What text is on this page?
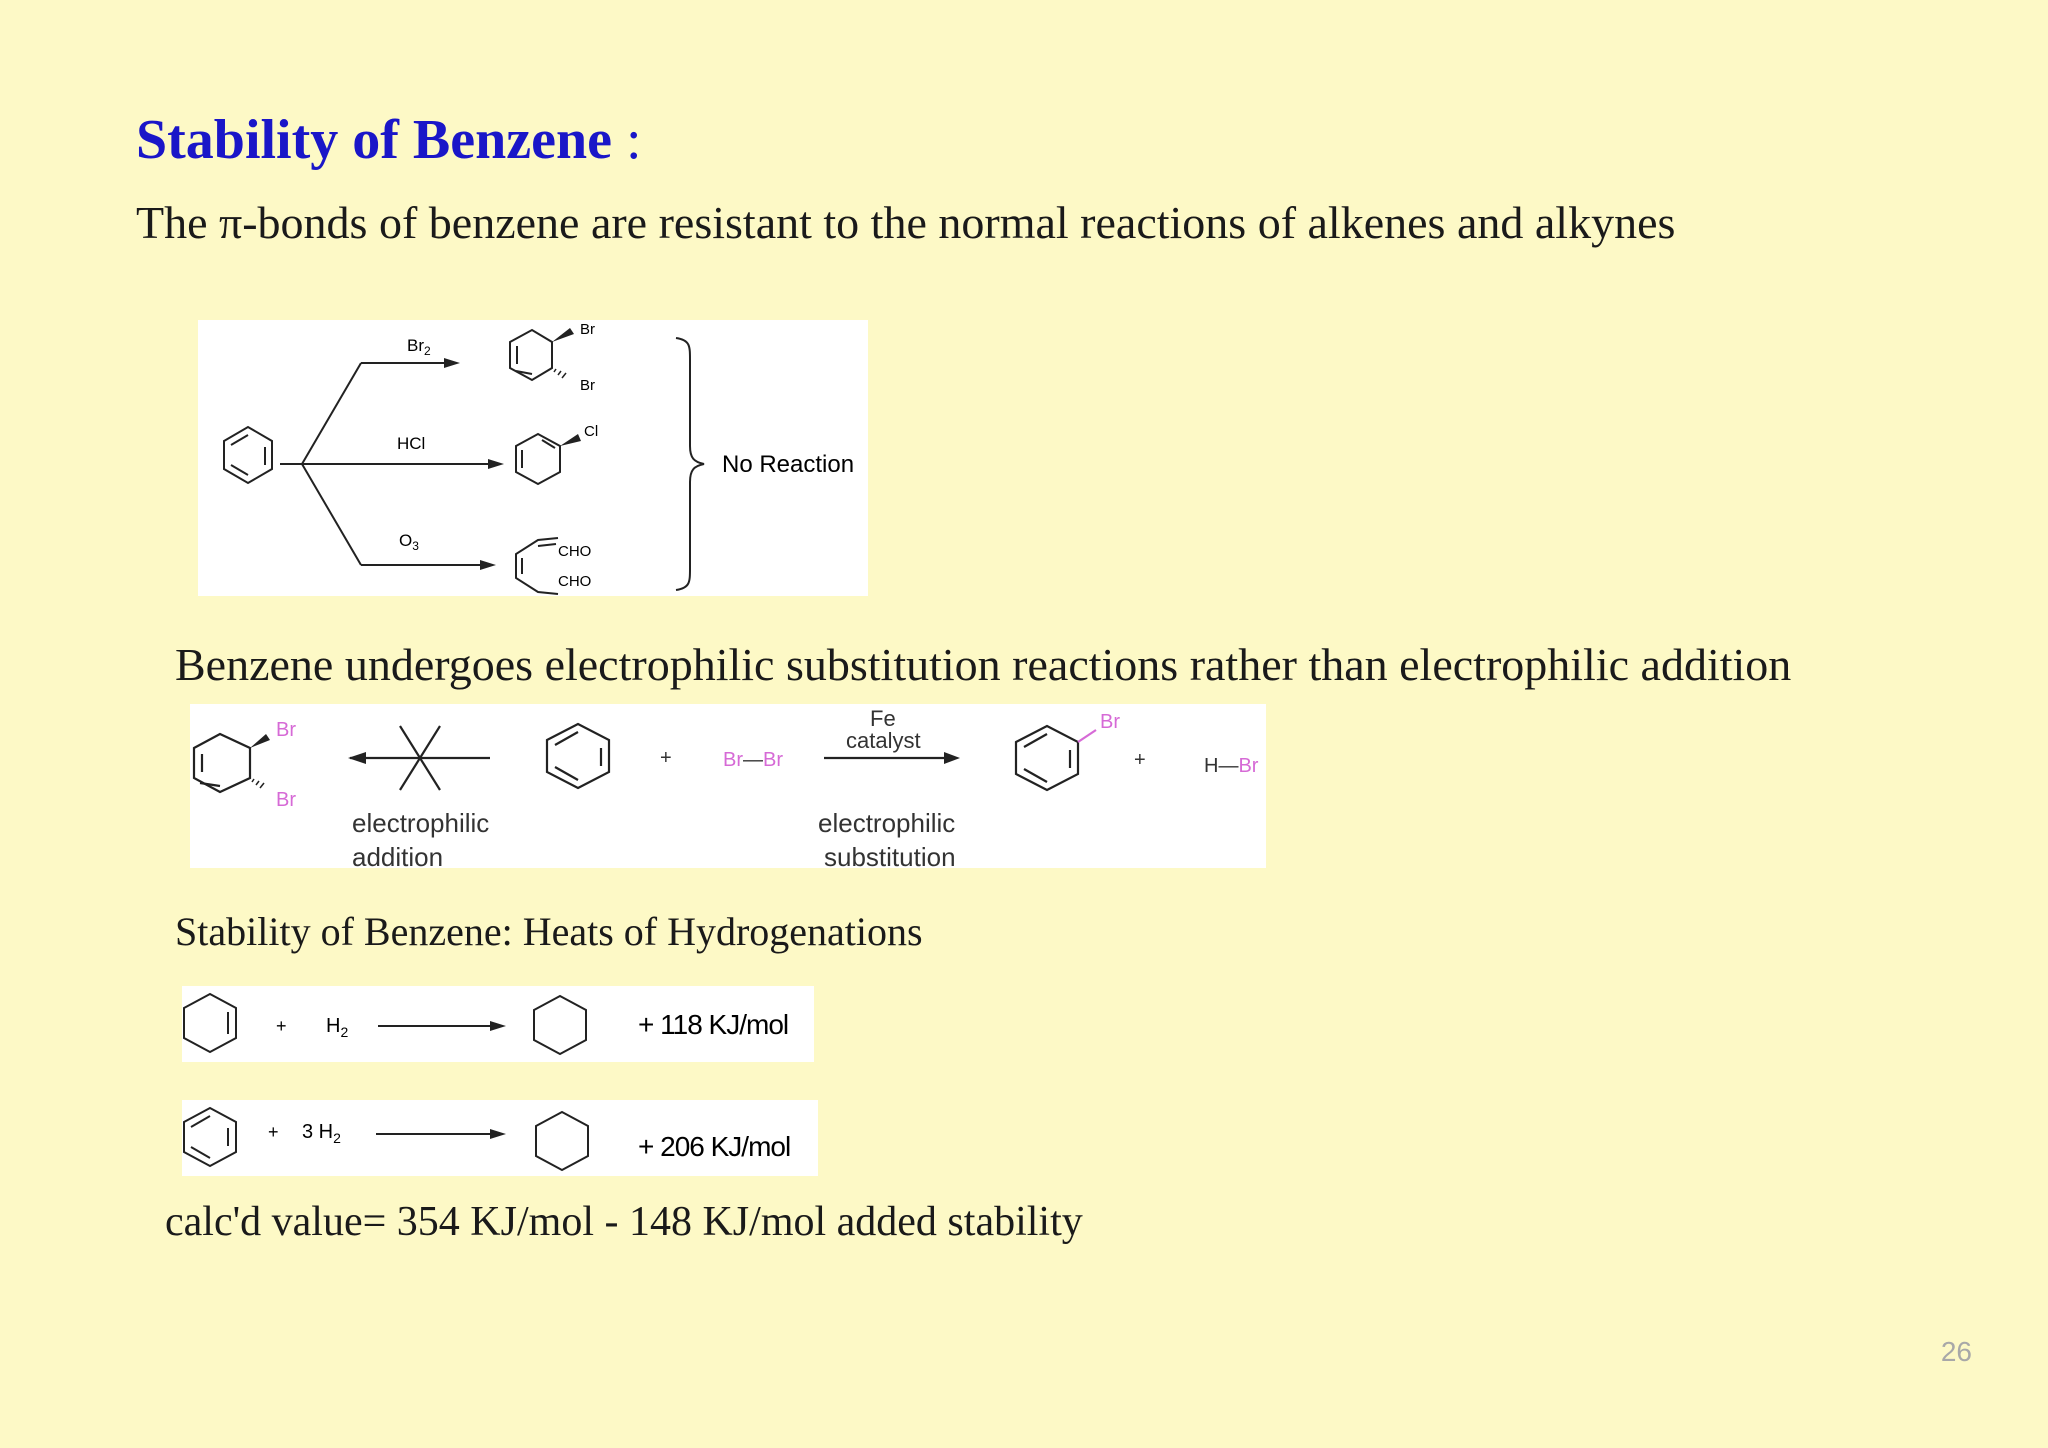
Stability of Benzene :
The π-bonds of benzene are resistant to the normal reactions of alkenes and alkynes
$Br_2$
HCl
$O_3$
Br
Br
Cl
CHO
CHO
No Reaction
Benzene undergoes electrophilic substitution reactions rather than electrophilic addition
Br
Br
electrophilic
addition
+	Br—Br
Fe
catalyst
electrophilic
substitution
Br
+	H—Br
Stability of Benzene: Heats of Hydrogenations
+ $H_2$	+ 118 KJ/mol
+ 3 $H_2$	+ 206 KJ/mol
calc'd value= 354 KJ/mol - 148 KJ/mol added stability
26
